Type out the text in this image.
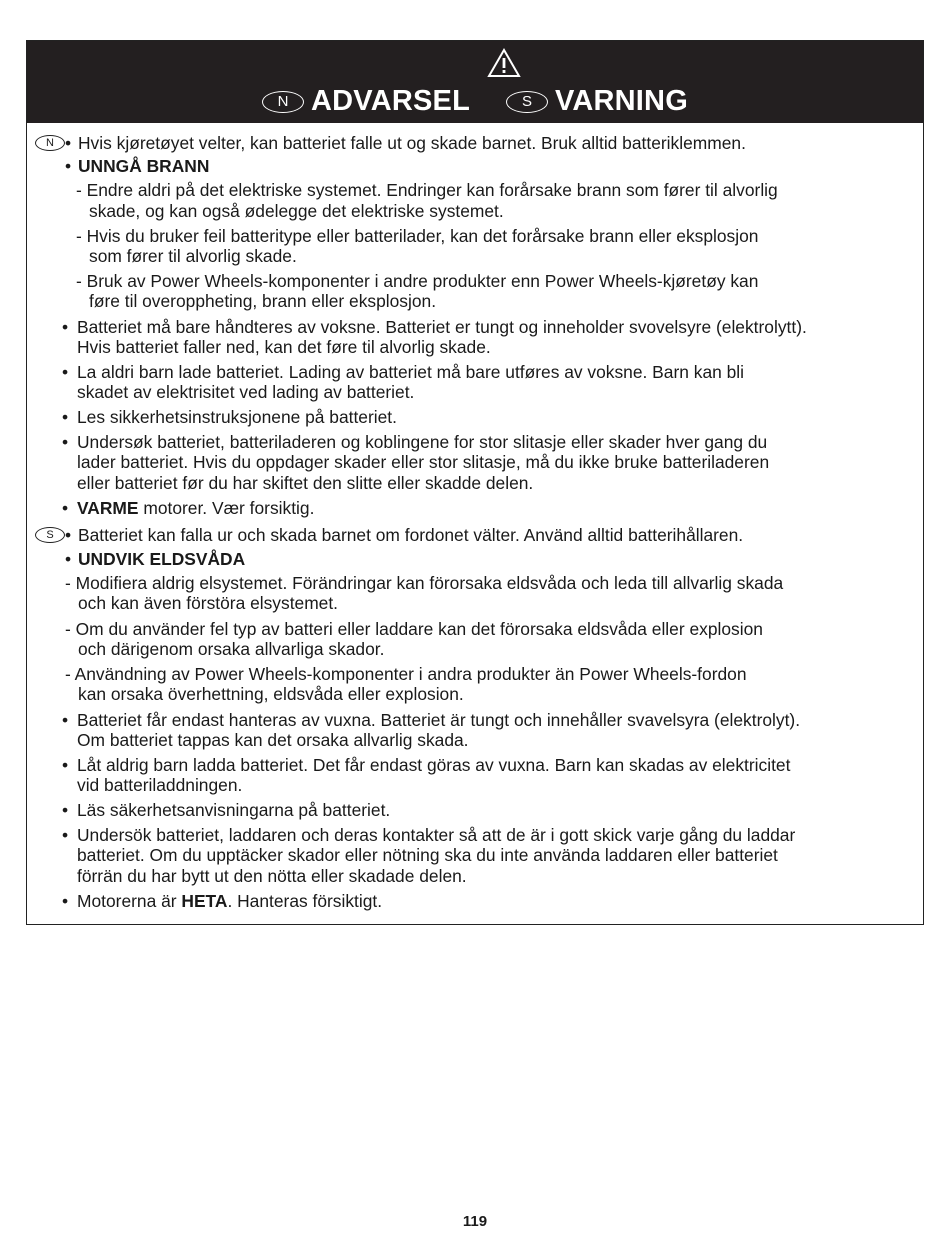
N ADVARSEL	S VARNING
N • Hvis kjøretøyet velter, kan batteriet falle ut og skade barnet. Bruk alltid batteriklemmen.
• UNNGÅ BRANN
- Endre aldri på det elektriske systemet. Endringer kan forårsake brann som fører til alvorlig
skade, og kan også ødelegge det elektriske systemet.
- Hvis du bruker feil batteritype eller batterilader, kan det forårsake brann eller eksplosjon
som fører til alvorlig skade.
- Bruk av Power Wheels-komponenter i andre produkter enn Power Wheels-kjøretøy kan
føre til overoppheting, brann eller eksplosjon.
• Batteriet må bare håndteres av voksne. Batteriet er tungt og inneholder svovelsyre (elektrolytt).
Hvis batteriet faller ned, kan det føre til alvorlig skade.
• La aldri barn lade batteriet. Lading av batteriet må bare utføres av voksne. Barn kan bli
skadet av elektrisitet ved lading av batteriet.
• Les sikkerhetsinstruksjonene på batteriet.
• Undersøk batteriet, batteriladeren og koblingene for stor slitasje eller skader hver gang du
lader batteriet. Hvis du oppdager skader eller stor slitasje, må du ikke bruke batteriladeren
eller batteriet før du har skiftet den slitte eller skadde delen.
• VARME motorer. Vær forsiktig.
S • Batteriet kan falla ur och skada barnet om fordonet välter. Använd alltid batterihållaren.
• UNDVIK ELDSVÅDA
- Modifiera aldrig elsystemet. Förändringar kan förorsaka eldsvåda och leda till allvarlig skada
och kan även förstöra elsystemet.
- Om du använder fel typ av batteri eller laddare kan det förorsaka eldsvåda eller explosion
och därigenom orsaka allvarliga skador.
- Användning av Power Wheels-komponenter i andra produkter än Power Wheels-fordon
kan orsaka överhettning, eldsvåda eller explosion.
• Batteriet får endast hanteras av vuxna. Batteriet är tungt och innehåller svavelsyra (elektrolyt).
Om batteriet tappas kan det orsaka allvarlig skada.
• Låt aldrig barn ladda batteriet. Det får endast göras av vuxna. Barn kan skadas av elektricitet
vid batteriladdningen.
• Läs säkerhetsanvisningarna på batteriet.
• Undersök batteriet, laddaren och deras kontakter så att de är i gott skick varje gång du laddar
batteriet. Om du upptäcker skador eller nötning ska du inte använda laddaren eller batteriet
förrän du har bytt ut den nötta eller skadade delen.
• Motorerna är HETA. Hanteras försiktigt.
119
